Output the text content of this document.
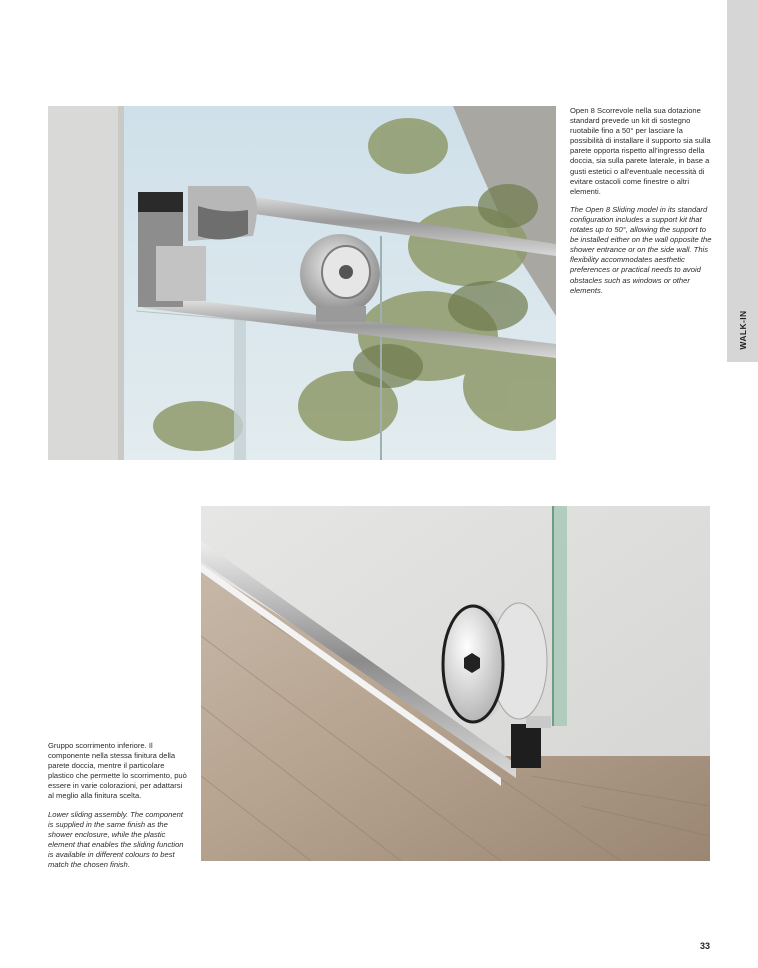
WALK-IN

Open 8 Scorrevole nella sua dotazione standard prevede un kit di sostegno ruotabile fino a 50° per lasciare la possibilità di installare il supporto sia sulla parete opporta rispetto all'ingresso della doccia, sia sulla parete laterale, in base a gusti estetici o all'eventuale necessità di evitare ostacoli come finestre o altri elementi.

The Open 8 Sliding model in its standard configuration includes a support kit that rotates up to 50°, allowing the support to be installed either on the wall opposite the shower entrance or on the side wall. This flexibility accommodates aesthetic preferences or practical needs to avoid obstacles such as windows or other elements.

Gruppo scorrimento inferiore. Il componente nella stessa finitura della parete doccia, mentre il particolare plastico che permette lo scorrimento, può essere in varie colorazioni, per adattarsi al meglio alla finitura scelta.

Lower sliding assembly. The component is supplied in the same finish as the shower enclosure, while the plastic element that enables the sliding function is available in different colours to best match the chosen finish.

33
